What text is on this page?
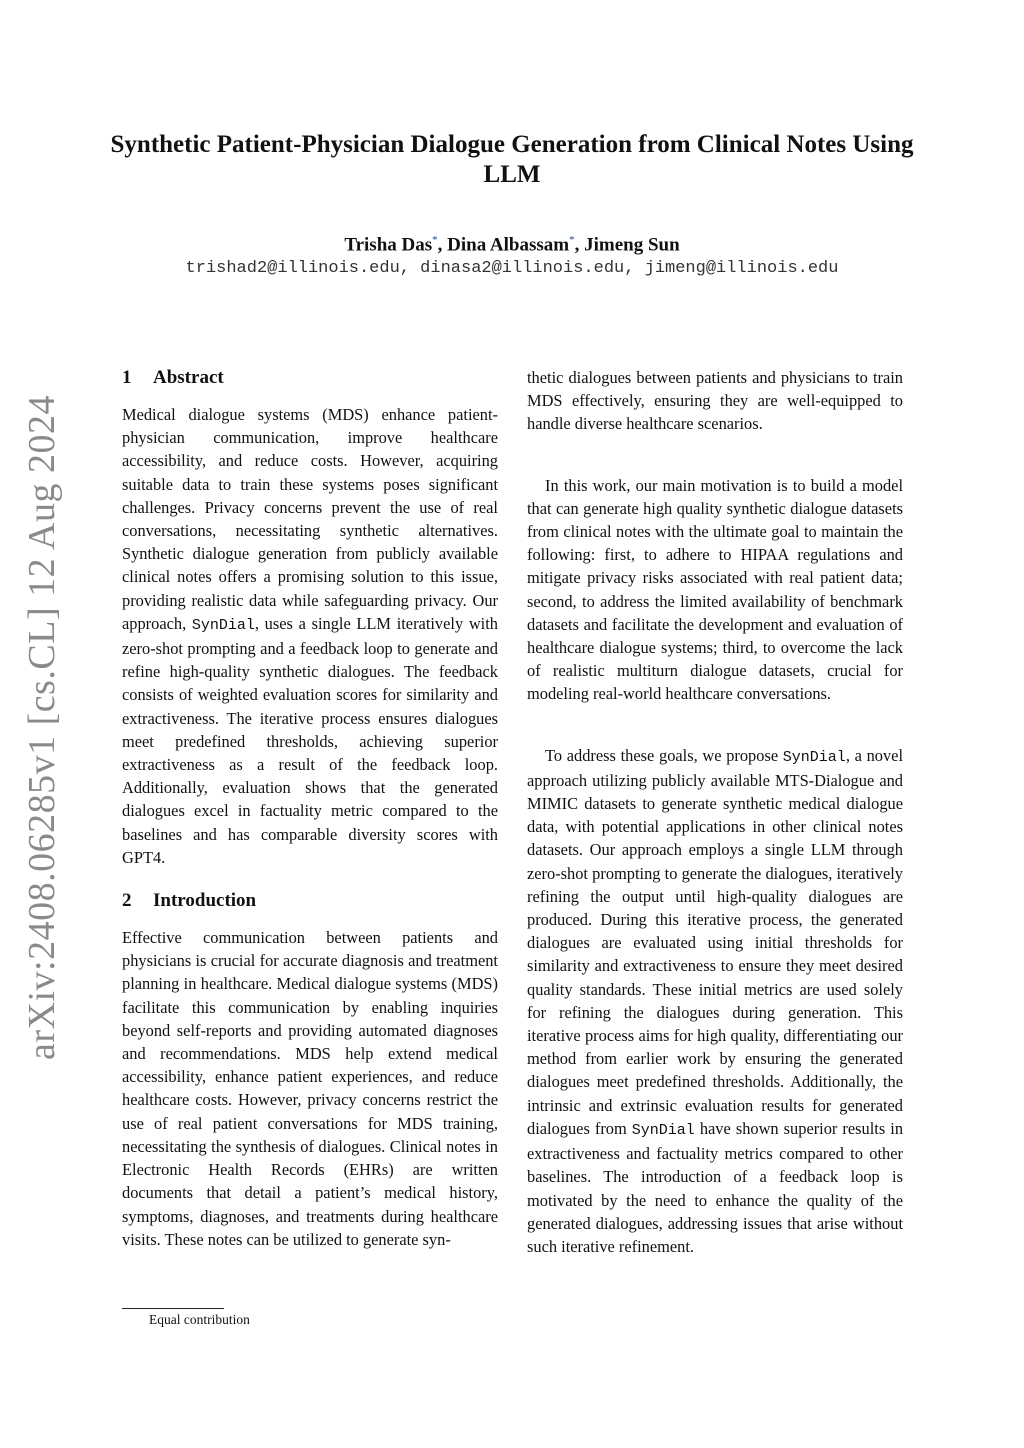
arXiv:2408.06285v1 [cs.CL] 12 Aug 2024
Synthetic Patient-Physician Dialogue Generation from Clinical Notes Using LLM
Trisha Das*, Dina Albassam*, Jimeng Sun
trishad2@illinois.edu, dinasa2@illinois.edu, jimeng@illinois.edu
1 Abstract

Medical dialogue systems (MDS) enhance patient-physician communication, improve healthcare accessibility, and reduce costs. However, acquiring suitable data to train these systems poses significant challenges. Privacy concerns prevent the use of real conversations, necessitating synthetic alternatives. Synthetic dialogue generation from publicly available clinical notes offers a promising solution to this issue, providing realistic data while safeguarding privacy. Our approach, SynDial, uses a single LLM iteratively with zero-shot prompting and a feedback loop to generate and refine high-quality synthetic dialogues. The feedback consists of weighted evaluation scores for similarity and extractiveness. The iterative process ensures dialogues meet predefined thresholds, achieving superior extractiveness as a result of the feedback loop. Additionally, evaluation shows that the generated dialogues excel in factuality metric compared to the baselines and has comparable diversity scores with GPT4.

2 Introduction

Effective communication between patients and physicians is crucial for accurate diagnosis and treatment planning in healthcare. Medical dialogue systems (MDS) facilitate this communication by enabling inquiries beyond self-reports and providing automated diagnoses and recommendations. MDS help extend medical accessibility, enhance patient experiences, and reduce healthcare costs. However, privacy concerns restrict the use of real patient conversations for MDS training, necessitating the synthesis of dialogues. Clinical notes in Electronic Health Records (EHRs) are written documents that detail a patient’s medical history, symptoms, diagnoses, and treatments during healthcare visits. These notes can be utilized to generate syn-

thetic dialogues between patients and physicians to train MDS effectively, ensuring they are well-equipped to handle diverse healthcare scenarios.

In this work, our main motivation is to build a model that can generate high quality synthetic dialogue datasets from clinical notes with the ultimate goal to maintain the following: first, to adhere to HIPAA regulations and mitigate privacy risks associated with real patient data; second, to address the limited availability of benchmark datasets and facilitate the development and evaluation of healthcare dialogue systems; third, to overcome the lack of realistic multiturn dialogue datasets, crucial for modeling real-world healthcare conversations.

To address these goals, we propose SynDial, a novel approach utilizing publicly available MTS-Dialogue and MIMIC datasets to generate synthetic medical dialogue data, with potential applications in other clinical notes datasets. Our approach employs a single LLM through zero-shot prompting to generate the dialogues, iteratively refining the output until high-quality dialogues are produced. During this iterative process, the generated dialogues are evaluated using initial thresholds for similarity and extractiveness to ensure they meet desired quality standards. These initial metrics are used solely for refining the dialogues during generation. This iterative process aims for high quality, differentiating our method from earlier work by ensuring the generated dialogues meet predefined thresholds. Additionally, the intrinsic and extrinsic evaluation results for generated dialogues from SynDial have shown superior results in extractiveness and factuality metrics compared to other baselines. The introduction of a feedback loop is motivated by the need to enhance the quality of the generated dialogues, addressing issues that arise without such iterative refinement.

Equal contribution
